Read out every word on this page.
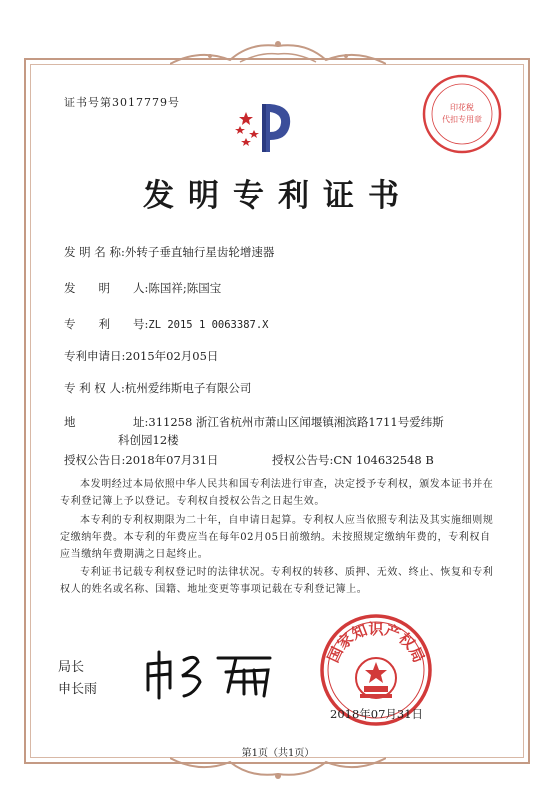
证书号第3017779号	印花税
代扣专用章
发明专利证书
发 明 名 称:外转子垂直轴行星齿轮增速器
发　　明　　人:陈国祥;陈国宝
专　　利　　号:ZL 2015 1 0063387.X
专利申请日:2015年02月05日
专 利 权 人:杭州爱纬斯电子有限公司
地　　　　　址:311258 浙江省杭州市萧山区闻堰镇湘滨路1711号爱纬斯
科创园12楼
授权公告日:2018年07月31日	授权公告号:CN 104632548 B
本发明经过本局依照中华人民共和国专利法进行审查，决定授予专利权，颁发本证书并在专利登记簿上予以登记。专利权自授权公告之日起生效。
本专利的专利权期限为二十年，自申请日起算。专利权人应当依照专利法及其实施细则规定缴纳年费。本专利的年费应当在每年02月05日前缴纳。未按照规定缴纳年费的，专利权自应当缴纳年费期满之日起终止。
专利证书记载专利权登记时的法律状况。专利权的转移、质押、无效、终止、恢复和专利权人的姓名或名称、国籍、地址变更等事项记载在专利登记簿上。
局长
申长雨
国家知识产权局
2018年07月31日
第1页（共1页）
